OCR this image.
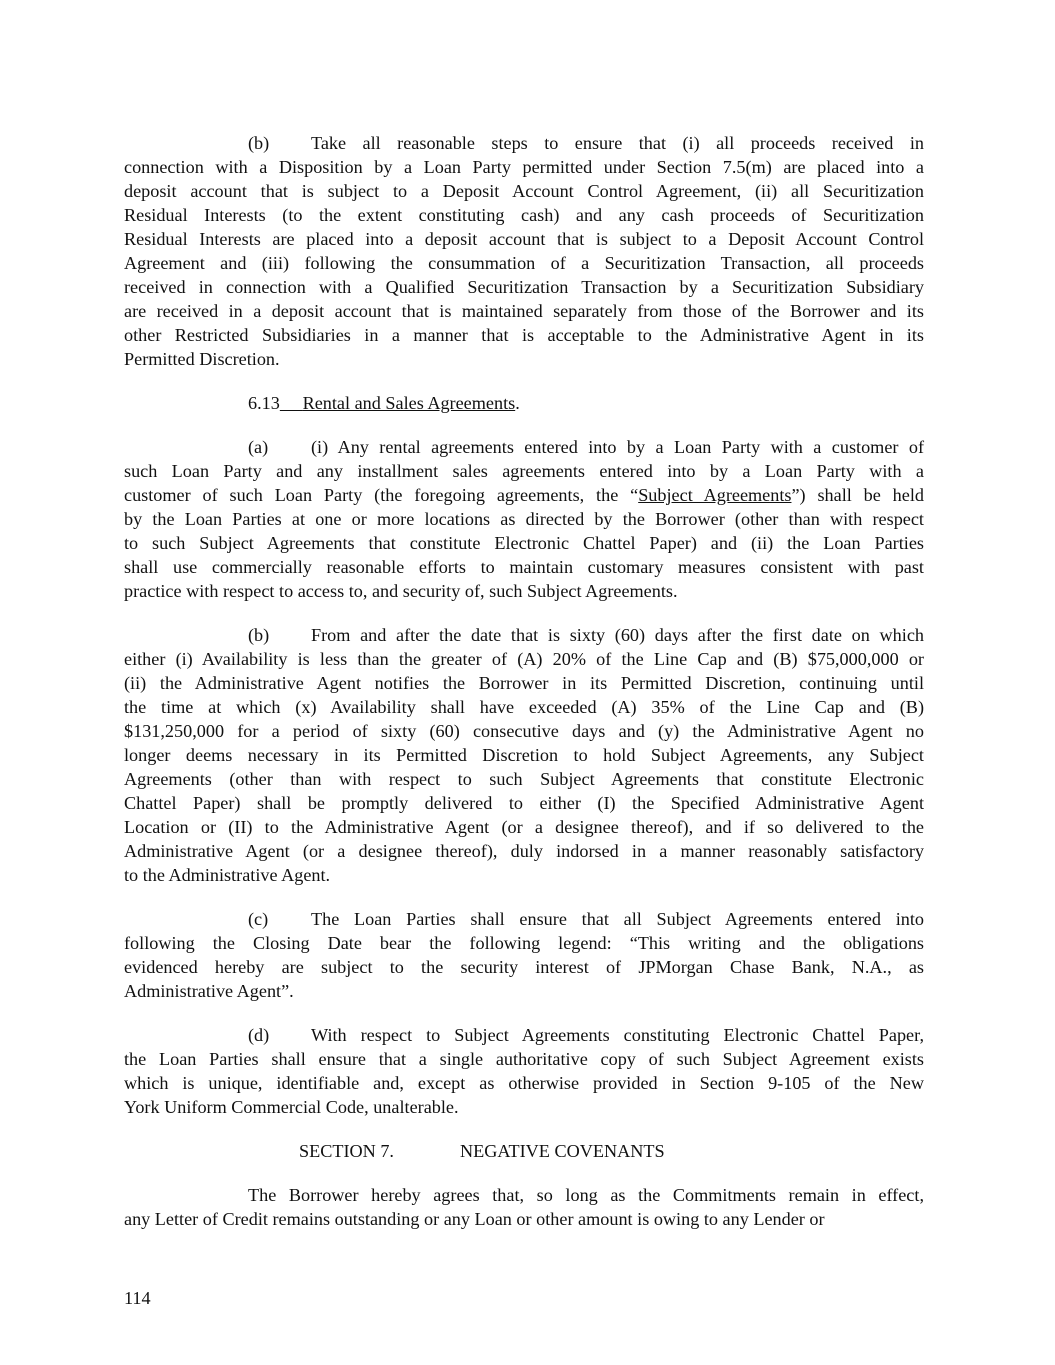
(b)	Take all reasonable steps to ensure that (i) all proceeds received in
connection with a Disposition by a Loan Party permitted under Section 7.5(m) are placed into a
deposit account that is subject to a Deposit Account Control Agreement, (ii) all Securitization
Residual Interests (to the extent constituting cash) and any cash proceeds of Securitization
Residual Interests are placed into a deposit account that is subject to a Deposit Account Control
Agreement and (iii) following the consummation of a Securitization Transaction, all proceeds
received in connection with a Qualified Securitization Transaction by a Securitization Subsidiary
are received in a deposit account that is maintained separately from those of the Borrower and its
other Restricted Subsidiaries in a manner that is acceptable to the Administrative Agent in its
Permitted Discretion.
6.13 Rental and Sales Agreements.
(a)	(i) Any rental agreements entered into by a Loan Party with a customer of
such Loan Party and any installment sales agreements entered into by a Loan Party with a
customer of such Loan Party (the foregoing agreements, the “Subject Agreements”) shall be held
by the Loan Parties at one or more locations as directed by the Borrower (other than with respect
to such Subject Agreements that constitute Electronic Chattel Paper) and (ii) the Loan Parties
shall use commercially reasonable efforts to maintain customary measures consistent with past
practice with respect to access to, and security of, such Subject Agreements.
(b)	From and after the date that is sixty (60) days after the first date on which
either (i) Availability is less than the greater of (A) 20% of the Line Cap and (B) $75,000,000 or
(ii) the Administrative Agent notifies the Borrower in its Permitted Discretion, continuing until
the time at which (x) Availability shall have exceeded (A) 35% of the Line Cap and (B)
$131,250,000 for a period of sixty (60) consecutive days and (y) the Administrative Agent no
longer deems necessary in its Permitted Discretion to hold Subject Agreements, any Subject
Agreements (other than with respect to such Subject Agreements that constitute Electronic
Chattel Paper) shall be promptly delivered to either (I) the Specified Administrative Agent
Location or (II) to the Administrative Agent (or a designee thereof), and if so delivered to the
Administrative Agent (or a designee thereof), duly indorsed in a manner reasonably satisfactory
to the Administrative Agent.
(c)	The Loan Parties shall ensure that all Subject Agreements entered into
following the Closing Date bear the following legend: “This writing and the obligations
evidenced hereby are subject to the security interest of JPMorgan Chase Bank, N.A., as
Administrative Agent”.
(d)	With respect to Subject Agreements constituting Electronic Chattel Paper,
the Loan Parties shall ensure that a single authoritative copy of such Subject Agreement exists
which is unique, identifiable and, except as otherwise provided in Section 9-105 of the New
York Uniform Commercial Code, unalterable.
SECTION 7.	NEGATIVE COVENANTS
The Borrower hereby agrees that, so long as the Commitments remain in effect,
any Letter of Credit remains outstanding or any Loan or other amount is owing to any Lender or
114
